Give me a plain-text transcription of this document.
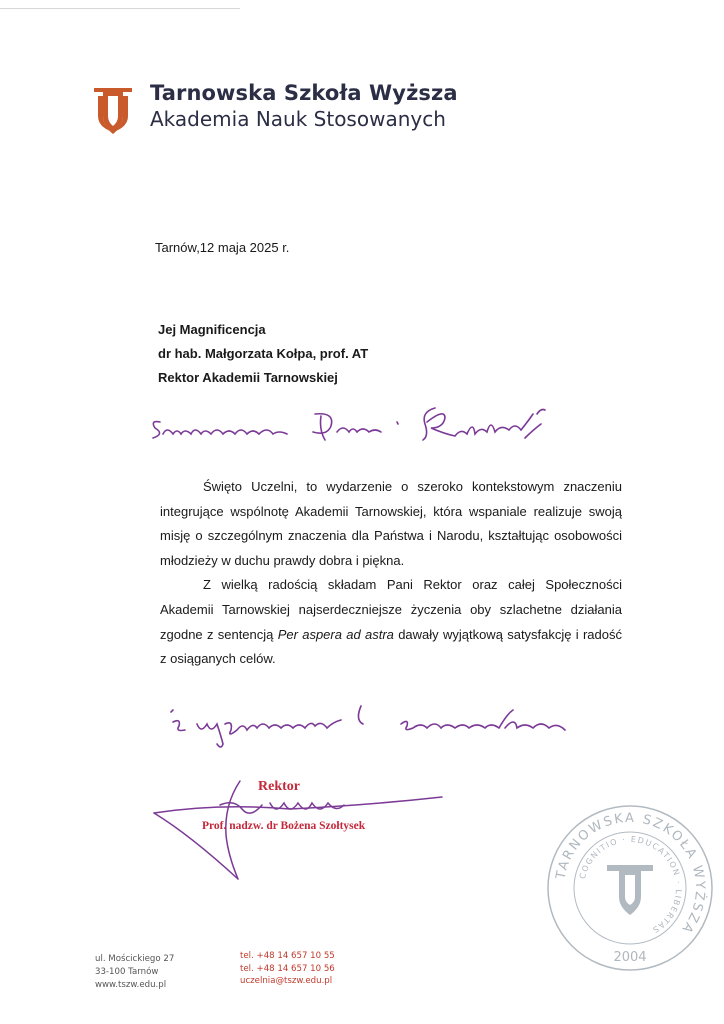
Tarnowska Szkoła Wyższa
Akademia Nauk Stosowanych
Tarnów,12 maja 2025 r.
Jej Magnificencja
dr hab. Małgorzata Kołpa, prof. AT
Rektor Akademii Tarnowskiej

Święto Uczelni, to wydarzenie o szeroko kontekstowym znaczeniu integrujące wspólnotę Akademii Tarnowskiej, która wspaniale realizuje swoją misję o szczególnym znaczenia dla Państwa i Narodu, kształtując osobowości młodzieży w duchu prawdy dobra i piękna.

Z wielką radością składam Pani Rektor oraz całej Społeczności Akademii Tarnowskiej najserdeczniejsze życzenia oby szlachetne działania zgodne z sentencją Per aspera ad astra dawały wyjątkową satysfakcję i radość z osiąganych celów.

Rektor
Prof. nadzw. dr Bożena Szołtysek
TARNOWSKA SZKOŁA WYŻSZA
COGNITIO · EDUCATION · LIBERTAS
2004
ul. Mościckiego 27
33-100 Tarnów
www.tszw.edu.pl
tel. +48 14 657 10 55
tel. +48 14 657 10 56
uczelnia@tszw.edu.pl
